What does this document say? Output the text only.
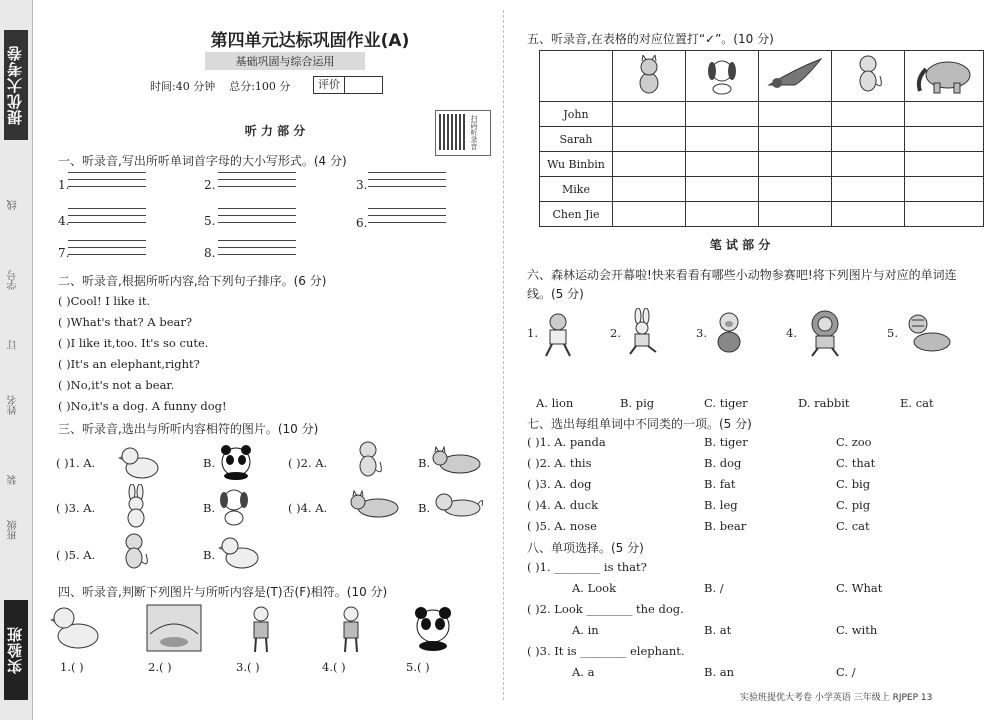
提优大考卷
实验班
线
学号
订
姓名
装
班级
第四单元达标巩固作业(A)
基础巩固与综合运用
时间:40 分钟 总分:100 分	评价
扫码听录音
听 力 部 分
一、听录音,写出所听单词首字母的大小写形式。(4 分)
1.	2.	3.
4.	5.	6.
7.	8.
二、听录音,根据所听内容,给下列句子排序。(6 分)
( )Cool! I like it.
( )What's that? A bear?
( )I like it,too. It's so cute.
( )It's an elephant,right?
( )No,it's not a bear.
( )No,it's a dog. A funny dog!
三、听录音,选出与所听内容相符的图片。(10 分)
( )1. A.	B.	( )2. A.	B.
( )3. A.	B.	( )4. A.	B.
( )5. A.	B.
四、听录音,判断下列图片与所听内容是(T)否(F)相符。(10 分)
1.( )	2.( )	3.( )	4.( )	5.( )
五、听录音,在表格的对应位置打“✓”。(10 分)

John					
Sarah					
Wu Binbin					
Mike					
Chen Jie					
笔 试 部 分
六、森林运动会开幕啦!快来看看有哪些小动物参赛吧!将下列图片与对应的单词连线。(5 分)
1.	2.	3.	4.	5.
A. lion	B. pig	C. tiger	D. rabbit	E. cat
七、选出每组单词中不同类的一项。(5 分)
( )1. A. panda	B. tiger	C. zoo
( )2. A. this	B. dog	C. that
( )3. A. dog	B. fat	C. big
( )4. A. duck	B. leg	C. pig
( )5. A. nose	B. bear	C. cat
八、单项选择。(5 分)
( )1. ________ is that?
A. Look	B. /	C. What
( )2. Look ________ the dog.
A. in	B. at	C. with
( )3. It is ________ elephant.
A. a	B. an	C. /
实验班提优大考卷 小学英语 三年级上 RJPEP 13
